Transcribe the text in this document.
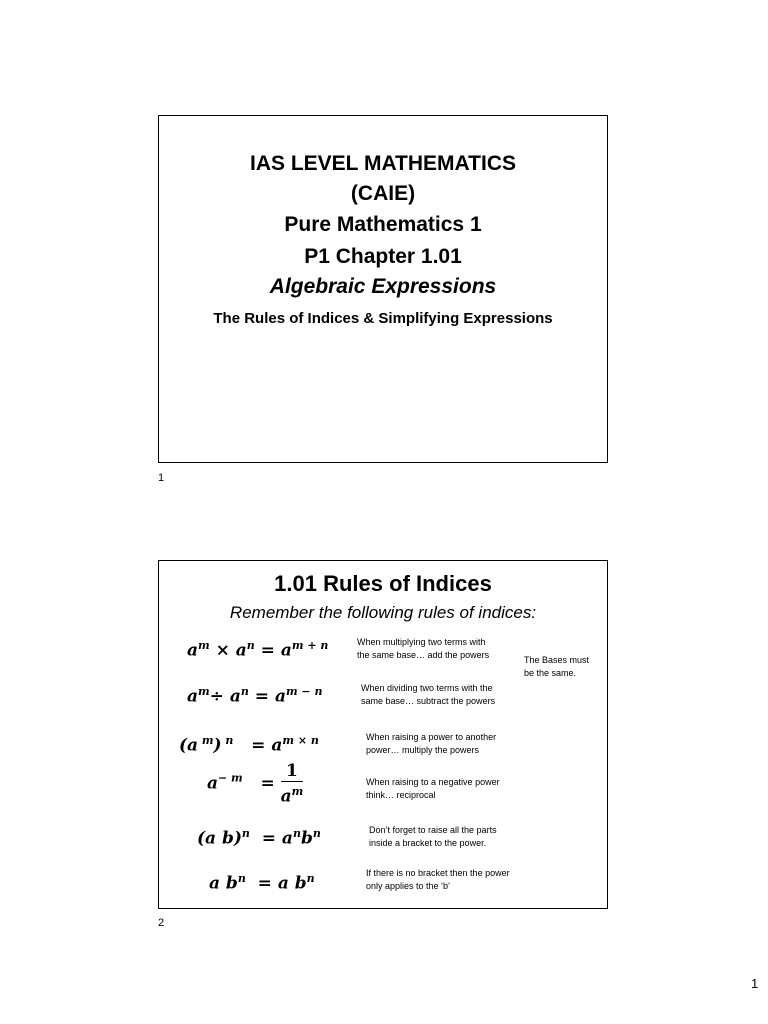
IAS LEVEL MATHEMATICS
(CAIE)
Pure Mathematics 1
P1 Chapter 1.01
Algebraic Expressions
The Rules of Indices & Simplifying Expressions
1
1.01 Rules of Indices
Remember the following rules of indices:
$a^m \times a^n = a^{m + n}$	When multiplying two terms with
the same base… add the powers	The Bases must
be the same.
$a^m\div a^n = a^{m - n}$	When dividing two terms with the
same base… subtract the powers
(a $^m$) $^n = a^{m \times n}$	When raising a power to another
power… multiply the powers
$a^{- m} = \frac{1}{a^m}$	When raising to a negative power
think… reciprocal
(a $b)^n = a^nb^n$	Don’t forget to raise all the parts
inside a bracket to the power.
a $b^n = a$ $b^n$	If there is no bracket then the power
only applies to the ‘b’
2
1
